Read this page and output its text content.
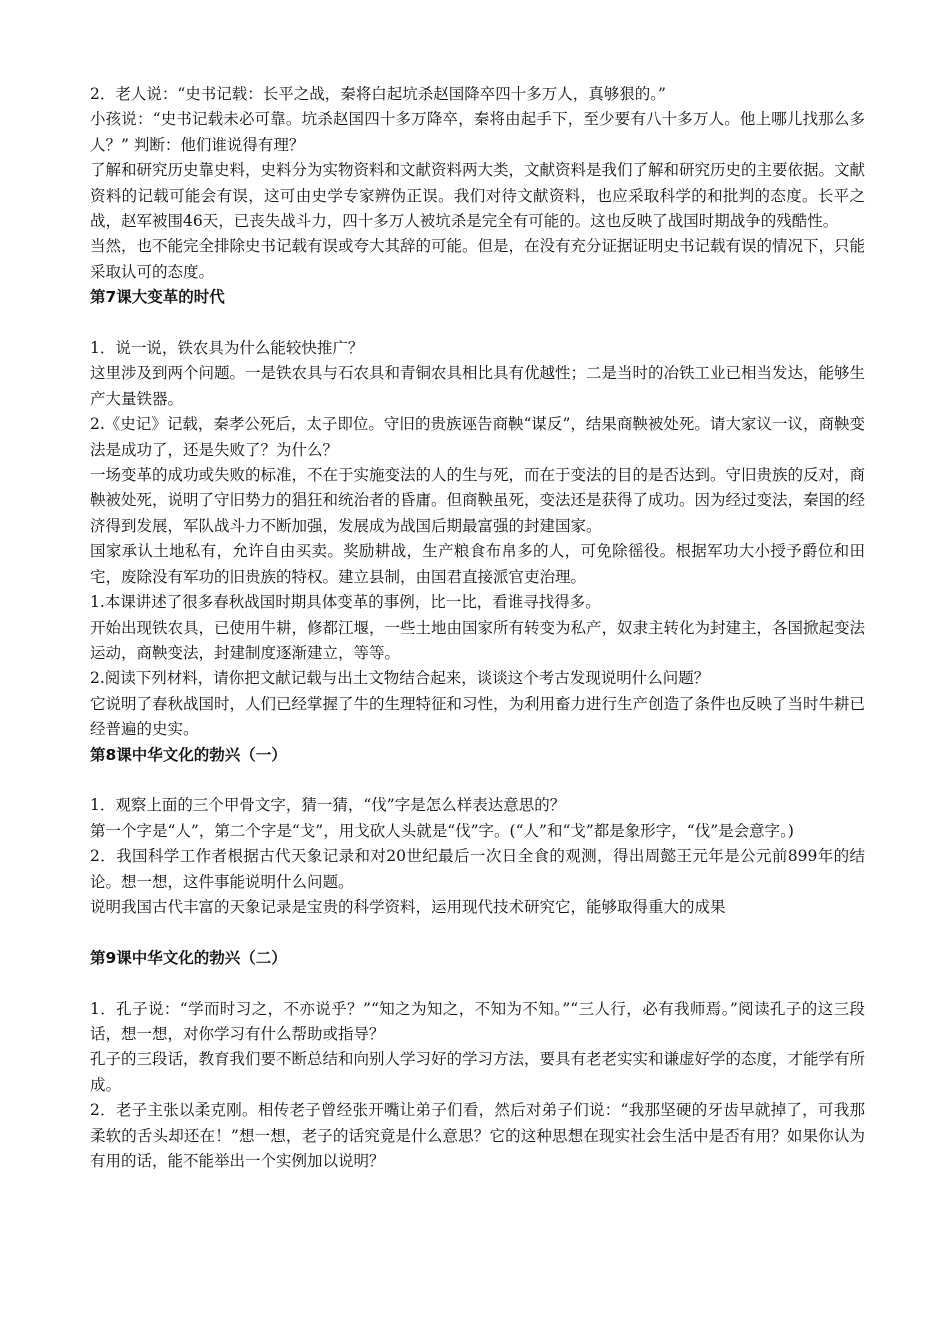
2．老人说：“史书记载：长平之战，秦将白起坑杀赵国降卒四十多万人，真够狠的。”

小孩说：“史书记载未必可靠。坑杀赵国四十多万降卒，秦将由起手下，至少要有八十多万人。他上哪儿找那么多人？” 判断：他们谁说得有理？

了解和研究历史靠史料，史料分为实物资料和文献资料两大类，文献资料是我们了解和研究历史的主要依据。文献资料的记载可能会有误，这可由史学专家辨伪正误。我们对待文献资料，也应采取科学的和批判的态度。长平之战，赵军被围46天，已丧失战斗力，四十多万人被坑杀是完全有可能的。这也反映了战国时期战争的残酷性。

当然，也不能完全排除史书记载有误或夸大其辞的可能。但是，在没有充分证据证明史书记载有误的情况下，只能采取认可的态度。

第7课大变革的时代

1．说一说，铁农具为什么能较快推广？

这里涉及到两个问题。一是铁农具与石农具和青铜农具相比具有优越性；二是当时的冶铁工业已相当发达，能够生产大量铁器。

2.《史记》记载，秦孝公死后，太子即位。守旧的贵族诬告商鞅“谋反”，结果商鞅被处死。请大家议一议，商鞅变法是成功了，还是失败了？为什么？

一场变革的成功或失败的标准，不在于实施变法的人的生与死，而在于变法的目的是否达到。守旧贵族的反对，商鞅被处死，说明了守旧势力的猖狂和统治者的昏庸。但商鞅虽死，变法还是获得了成功。因为经过变法，秦国的经济得到发展，军队战斗力不断加强，发展成为战国后期最富强的封建国家。

国家承认土地私有，允许自由买卖。奖励耕战，生产粮食布帛多的人，可免除徭役。根据军功大小授予爵位和田宅，废除没有军功的旧贵族的特权。建立县制，由国君直接派官吏治理。

1.本课讲述了很多春秋战国时期具体变革的事例，比一比，看谁寻找得多。

开始出现铁农具，已使用牛耕，修都江堰，一些土地由国家所有转变为私产，奴隶主转化为封建主，各国掀起变法运动，商鞅变法，封建制度逐渐建立，等等。

2.阅读下列材料，请你把文献记载与出土文物结合起来，谈谈这个考古发现说明什么问题？

它说明了春秋战国时，人们已经掌握了牛的生理特征和习性，为利用畜力进行生产创造了条件也反映了当时牛耕已经普遍的史实。

第8课中华文化的勃兴（一）

1．观察上面的三个甲骨文字，猜一猜，“伐”字是怎么样表达意思的？

第一个字是“人”，第二个字是“戈”，用戈砍人头就是“伐”字。(“人”和“戈”都是象形字，“伐”是会意字。)

2．我国科学工作者根据古代天象记录和对20世纪最后一次日全食的观测，得出周懿王元年是公元前899年的结论。想一想，这件事能说明什么问题。

说明我国古代丰富的天象记录是宝贵的科学资料，运用现代技术研究它，能够取得重大的成果

第9课中华文化的勃兴（二）

1．孔子说：“学而时习之，不亦说乎？”“知之为知之，不知为不知。”“三人行，必有我师焉。”阅读孔子的这三段话，想一想，对你学习有什么帮助或指导？

孔子的三段话，教育我们要不断总结和向别人学习好的学习方法，要具有老老实实和谦虚好学的态度，才能学有所成。

2．老子主张以柔克刚。相传老子曾经张开嘴让弟子们看，然后对弟子们说：“我那坚硬的牙齿早就掉了，可我那柔软的舌头却还在！”想一想，老子的话究竟是什么意思？它的这种思想在现实社会生活中是否有用？如果你认为有用的话，能不能举出一个实例加以说明？
